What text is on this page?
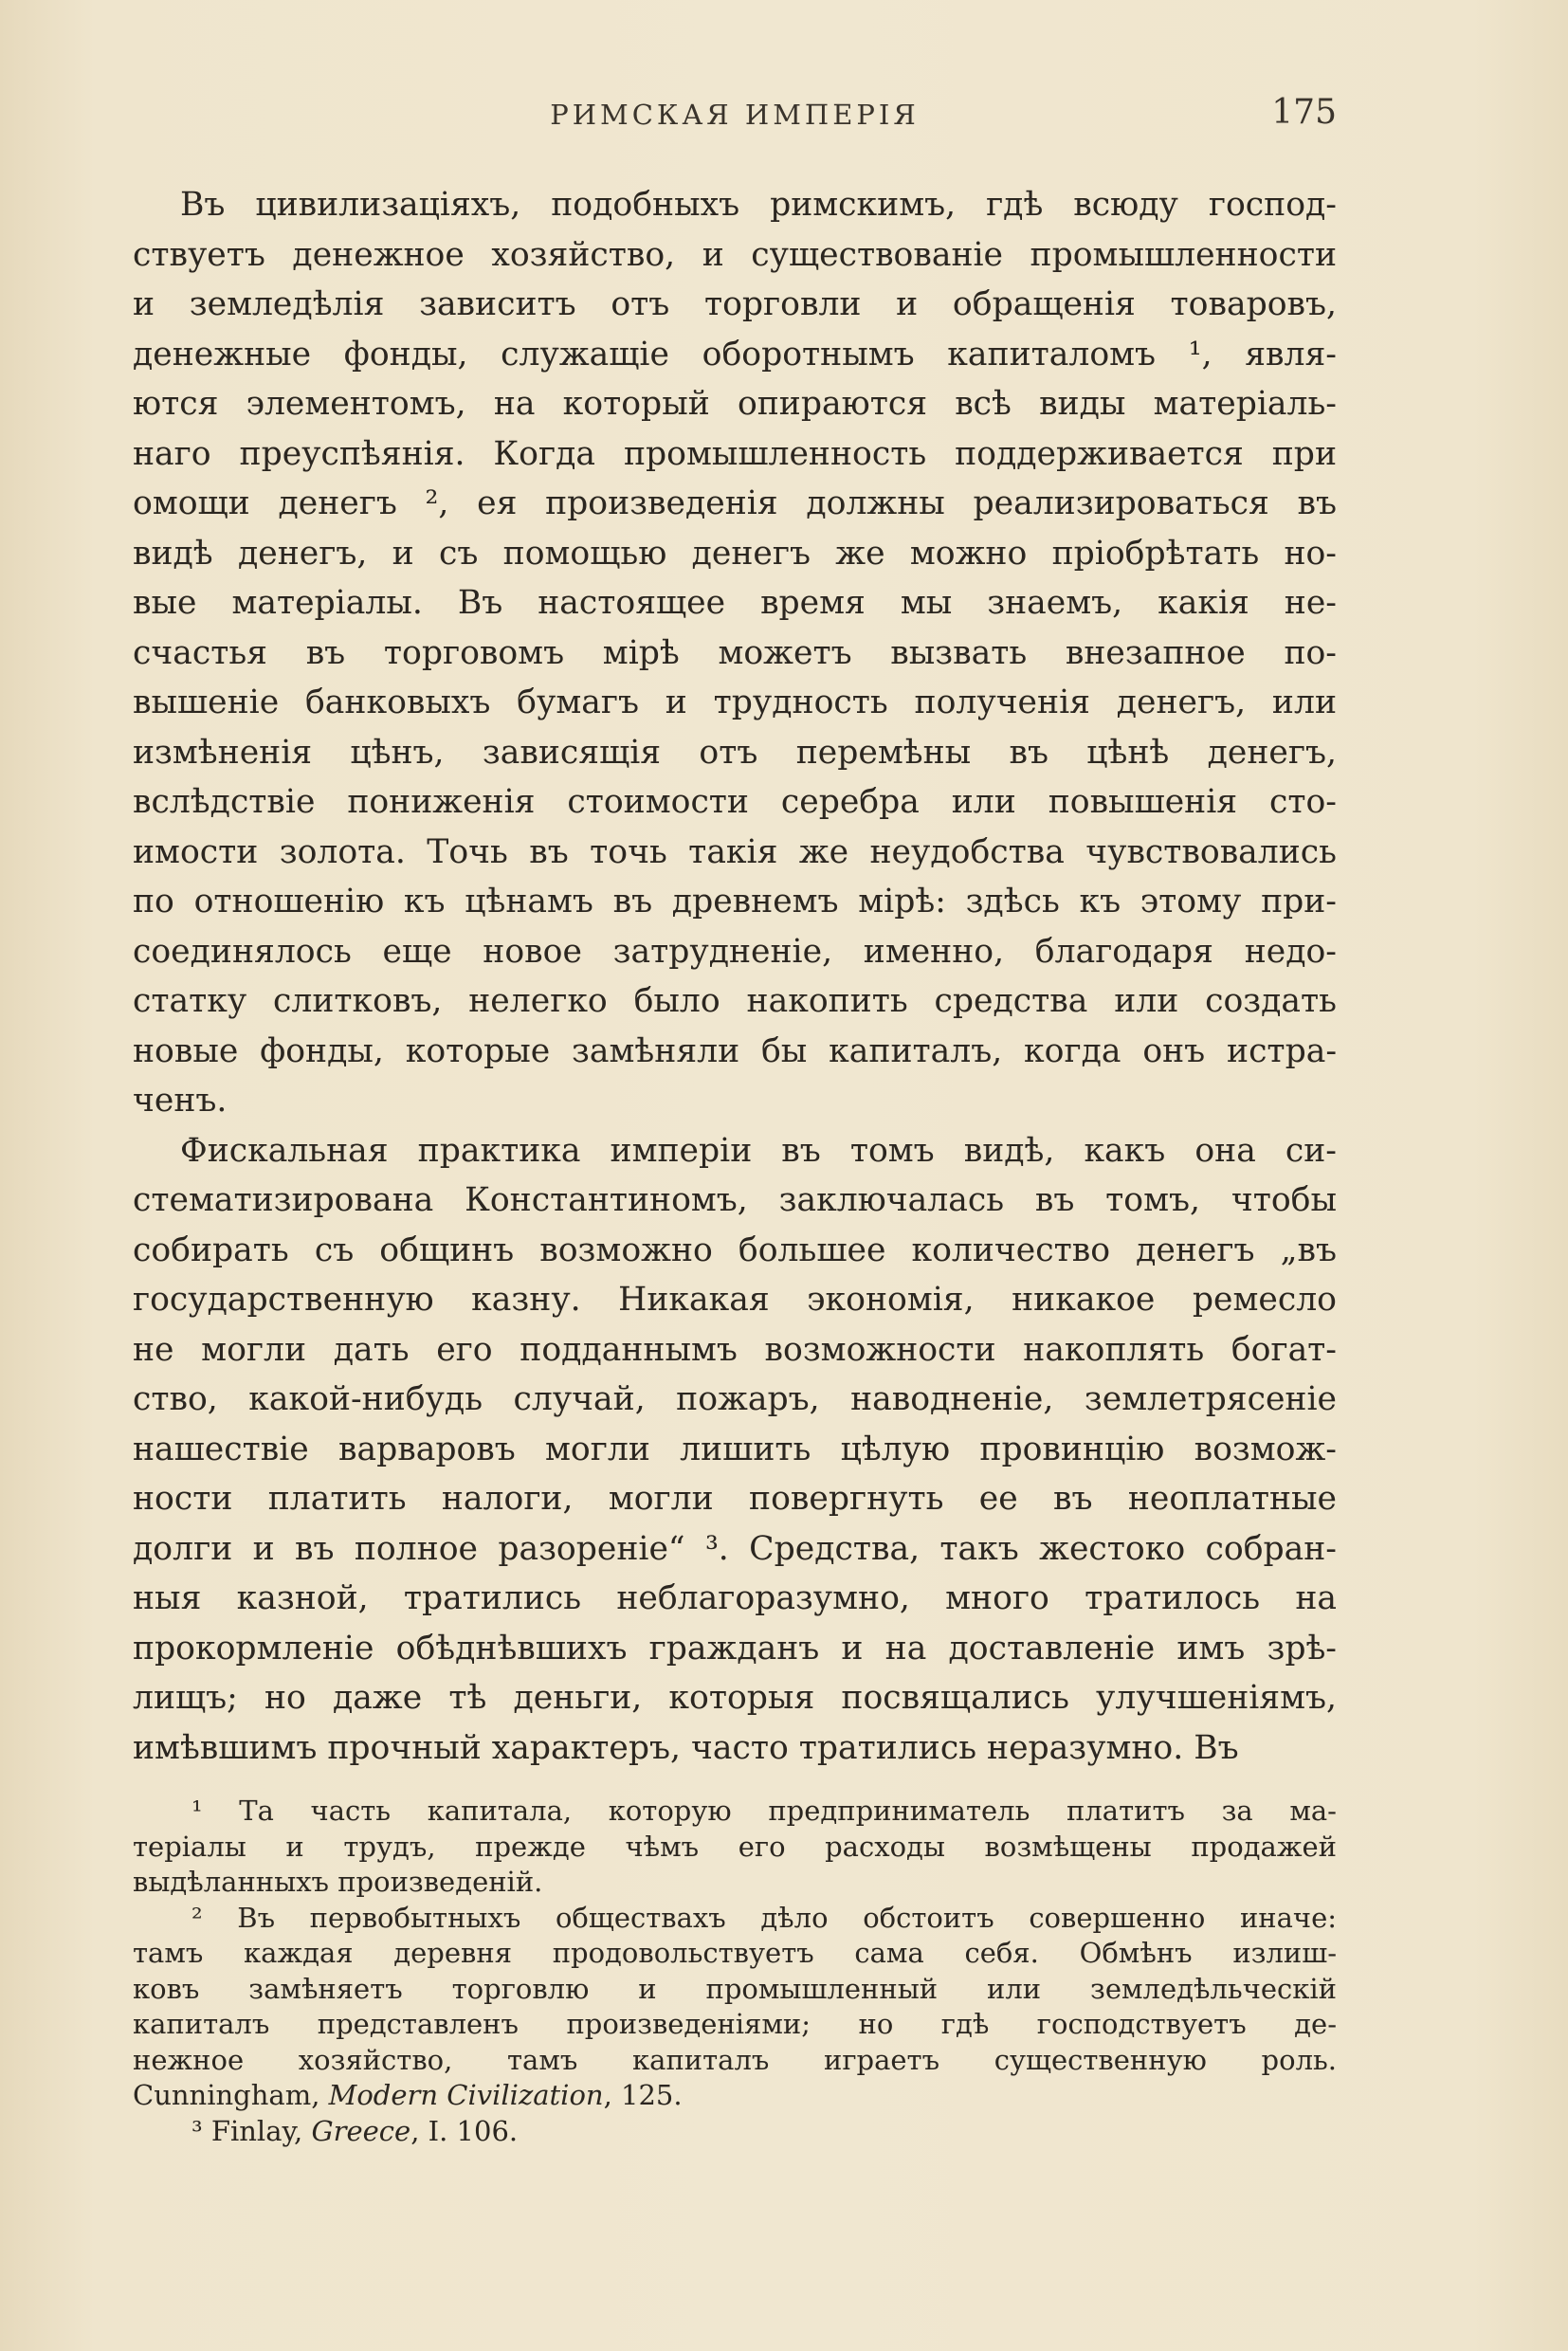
РИМСКАЯ ИМПЕРІЯ	175

Въ цивилизаціяхъ, подобныхъ римскимъ, гдѣ всюду господ-
ствуетъ денежное хозяйство, и существованіе промышленности
и земледѣлія зависитъ отъ торговли и обращенія товаровъ,
денежные фонды, служащіе оборотнымъ капиталомъ ¹, явля-
ются элементомъ, на который опираются всѣ виды матеріаль-
наго преуспѣянія. Когда промышленность поддерживается при
омощи денегъ ², ея произведенія должны реализироваться въ
видѣ денегъ, и съ помощью денегъ же можно пріобрѣтать но-
вые матеріалы. Въ настоящее время мы знаемъ, какія не-
счастья въ торговомъ мірѣ можетъ вызвать внезапное по-
вышеніе банковыхъ бумагъ и трудность полученія денегъ, или
измѣненія цѣнъ, зависящія отъ перемѣны въ цѣнѣ денегъ,
вслѣдствіе пониженія стоимости серебра или повышенія сто-
имости золота. Точь въ точь такія же неудобства чувствовались
по отношенію къ цѣнамъ въ древнемъ мірѣ: здѣсь къ этому при-
соединялось еще новое затрудненіе, именно, благодаря недо-
статку слитковъ, нелегко было накопить средства или создать
новые фонды, которые замѣняли бы капиталъ, когда онъ истра-
ченъ.

Фискальная практика имперіи въ томъ видѣ, какъ она си-
стематизирована Константиномъ, заключалась въ томъ, чтобы
собирать съ общинъ возможно большее количество денегъ „въ
государственную казну. Никакая экономія, никакое ремесло
не могли дать его подданнымъ возможности накоплять богат-
ство, какой-нибудь случай, пожаръ, наводненіе, землетрясеніе
нашествіе варваровъ могли лишить цѣлую провинцію возмож-
ности платить налоги, могли повергнуть ее въ неоплатные
долги и въ полное разореніе“ ³. Средства, такъ жестоко собран-
ныя казной, тратились неблагоразумно, много тратилось на
прокормленіе обѣднѣвшихъ гражданъ и на доставленіе имъ зрѣ-
лищъ; но даже тѣ деньги, которыя посвящались улучшеніямъ,
имѣвшимъ прочный характеръ, часто тратились неразумно. Въ

¹ Та часть капитала, которую предприниматель платитъ за ма-
теріалы и трудъ, прежде чѣмъ его расходы возмѣщены продажей
выдѣланныхъ произведеній.
² Въ первобытныхъ обществахъ дѣло обстоитъ совершенно иначе:
тамъ каждая деревня продовольствуетъ сама себя. Обмѣнъ излиш-
ковъ замѣняетъ торговлю и промышленный или земледѣльческій
капиталъ представленъ произведеніями; но гдѣ господствуетъ де-
нежное хозяйство, тамъ капиталъ играетъ существенную роль.
Cunningham, Modern Civilization, 125.
³ Finlay, Greece, I. 106.
